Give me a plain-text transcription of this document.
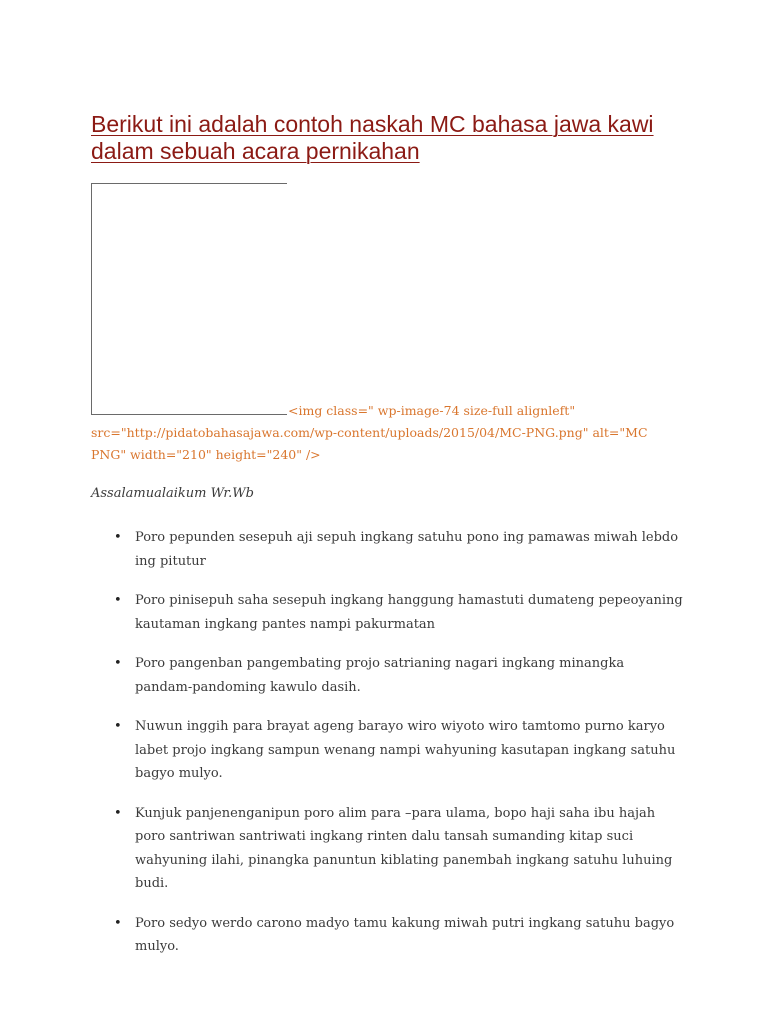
Berikut ini adalah contoh naskah MC bahasa jawa kawi dalam sebuah acara pernikahan

<img class=" wp-image-74 size-full alignleft" src="http://pidatobahasajawa.com/wp-content/uploads/2015/04/MC-PNG.png" alt="MC PNG" width="210" height="240" />

Assalamualaikum Wr.Wb

• Poro pepunden sesepuh aji sepuh ingkang satuhu pono ing pamawas miwah lebdo ing pitutur
• Poro pinisepuh saha sesepuh ingkang hanggung hamastuti dumateng pepeoyaning kautaman ingkang pantes nampi pakurmatan
• Poro pangenban pangembating projo satrianing nagari ingkang minangka pandam-pandoming kawulo dasih.
• Nuwun inggih para brayat ageng barayo wiro wiyoto wiro tamtomo purno karyo labet projo ingkang sampun wenang nampi wahyuning kasutapan ingkang satuhu bagyo mulyo.
• Kunjuk panjenenganipun poro alim para –para ulama, bopo haji saha ibu hajah poro santriwan santriwati ingkang rinten dalu tansah sumanding kitap suci wahyuning ilahi, pinangka panuntun kiblating panembah ingkang satuhu luhuing budi.
• Poro sedyo werdo carono madyo tamu kakung miwah putri ingkang satuhu bagyo mulyo.
